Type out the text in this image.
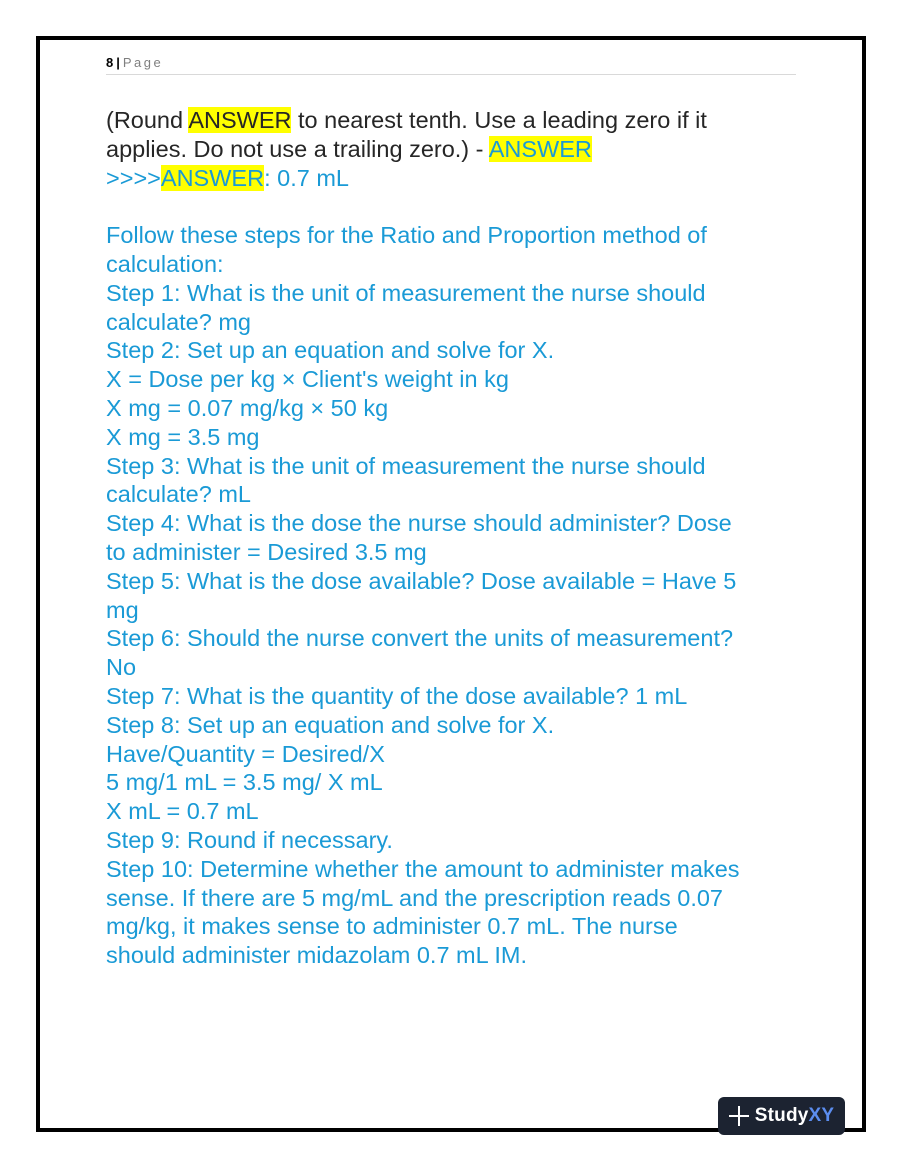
8 | Page
(Round ANSWER to nearest tenth. Use a leading zero if it
applies. Do not use a trailing zero.) - ANSWER
>>>>ANSWER: 0.7 mL
Follow these steps for the Ratio and Proportion method of
calculation:
Step 1: What is the unit of measurement the nurse should
calculate? mg
Step 2: Set up an equation and solve for X.
X = Dose per kg × Client's weight in kg
X mg = 0.07 mg/kg × 50 kg
X mg = 3.5 mg
Step 3: What is the unit of measurement the nurse should
calculate? mL
Step 4: What is the dose the nurse should administer? Dose
to administer = Desired 3.5 mg
Step 5: What is the dose available? Dose available = Have 5
mg
Step 6: Should the nurse convert the units of measurement?
No
Step 7: What is the quantity of the dose available? 1 mL
Step 8: Set up an equation and solve for X.
Have/Quantity = Desired/X
5 mg/1 mL = 3.5 mg/ X mL
X mL = 0.7 mL
Step 9: Round if necessary.
Step 10: Determine whether the amount to administer makes
sense. If there are 5 mg/mL and the prescription reads 0.07
mg/kg, it makes sense to administer 0.7 mL. The nurse
should administer midazolam 0.7 mL IM.
StudyXY
